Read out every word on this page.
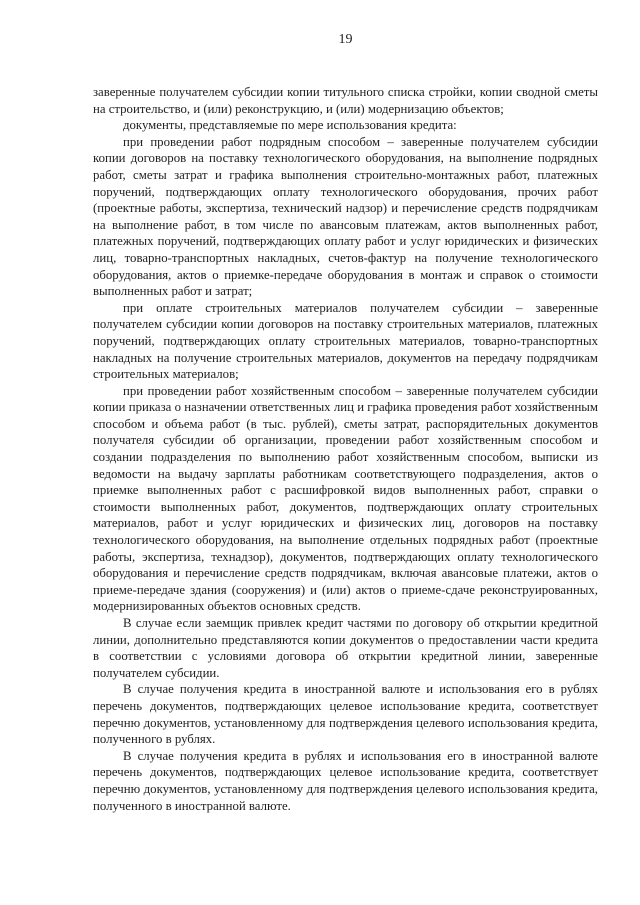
19

заверенные получателем субсидии копии титульного списка стройки, копии сводной сметы на строительство, и (или) реконструкцию, и (или) модернизацию объектов;

документы, представляемые по мере использования кредита:

при проведении работ подрядным способом – заверенные получателем субсидии копии договоров на поставку технологического оборудования, на выполнение подрядных работ, сметы затрат и графика выполнения строительно-монтажных работ, платежных поручений, подтверждающих оплату технологического оборудования, прочих работ (проектные работы, экспертиза, технический надзор) и перечисление средств подрядчикам на выполнение работ, в том числе по авансовым платежам, актов выполненных работ, платежных поручений, подтверждающих оплату работ и услуг юридических и физических лиц, товарно-транспортных накладных, счетов-фактур на получение технологического оборудования, актов о приемке-передаче оборудования в монтаж и справок о стоимости выполненных работ и затрат;

при оплате строительных материалов получателем субсидии – заверенные получателем субсидии копии договоров на поставку строительных материалов, платежных поручений, подтверждающих оплату строительных материалов, товарно-транспортных накладных на получение строительных материалов, документов на передачу подрядчикам строительных материалов;

при проведении работ хозяйственным способом – заверенные получателем субсидии копии приказа о назначении ответственных лиц и графика проведения работ хозяйственным способом и объема работ (в тыс. рублей), сметы затрат, распорядительных документов получателя субсидии об организации, проведении работ хозяйственным способом и создании подразделения по выполнению работ хозяйственным способом, выписки из ведомости на выдачу зарплаты работникам соответствующего подразделения, актов о приемке выполненных работ с расшифровкой видов выполненных работ, справки о стоимости выполненных работ, документов, подтверждающих оплату строительных материалов, работ и услуг юридических и физических лиц, договоров на поставку технологического оборудования, на выполнение отдельных подрядных работ (проектные работы, экспертиза, технадзор), документов, подтверждающих оплату технологического оборудования и перечисление средств подрядчикам, включая авансовые платежи, актов о приеме-передаче здания (сооружения) и (или) актов о приеме-сдаче реконструированных, модернизированных объектов основных средств.

В случае если заемщик привлек кредит частями по договору об открытии кредитной линии, дополнительно представляются копии документов о предоставлении части кредита в соответствии с условиями договора об открытии кредитной линии, заверенные получателем субсидии.

В случае получения кредита в иностранной валюте и использования его в рублях перечень документов, подтверждающих целевое использование кредита, соответствует перечню документов, установленному для подтверждения целевого использования кредита, полученного в рублях.

В случае получения кредита в рублях и использования его в иностранной валюте перечень документов, подтверждающих целевое использование кредита, соответствует перечню документов, установленному для подтверждения целевого использования кредита, полученного в иностранной валюте.
